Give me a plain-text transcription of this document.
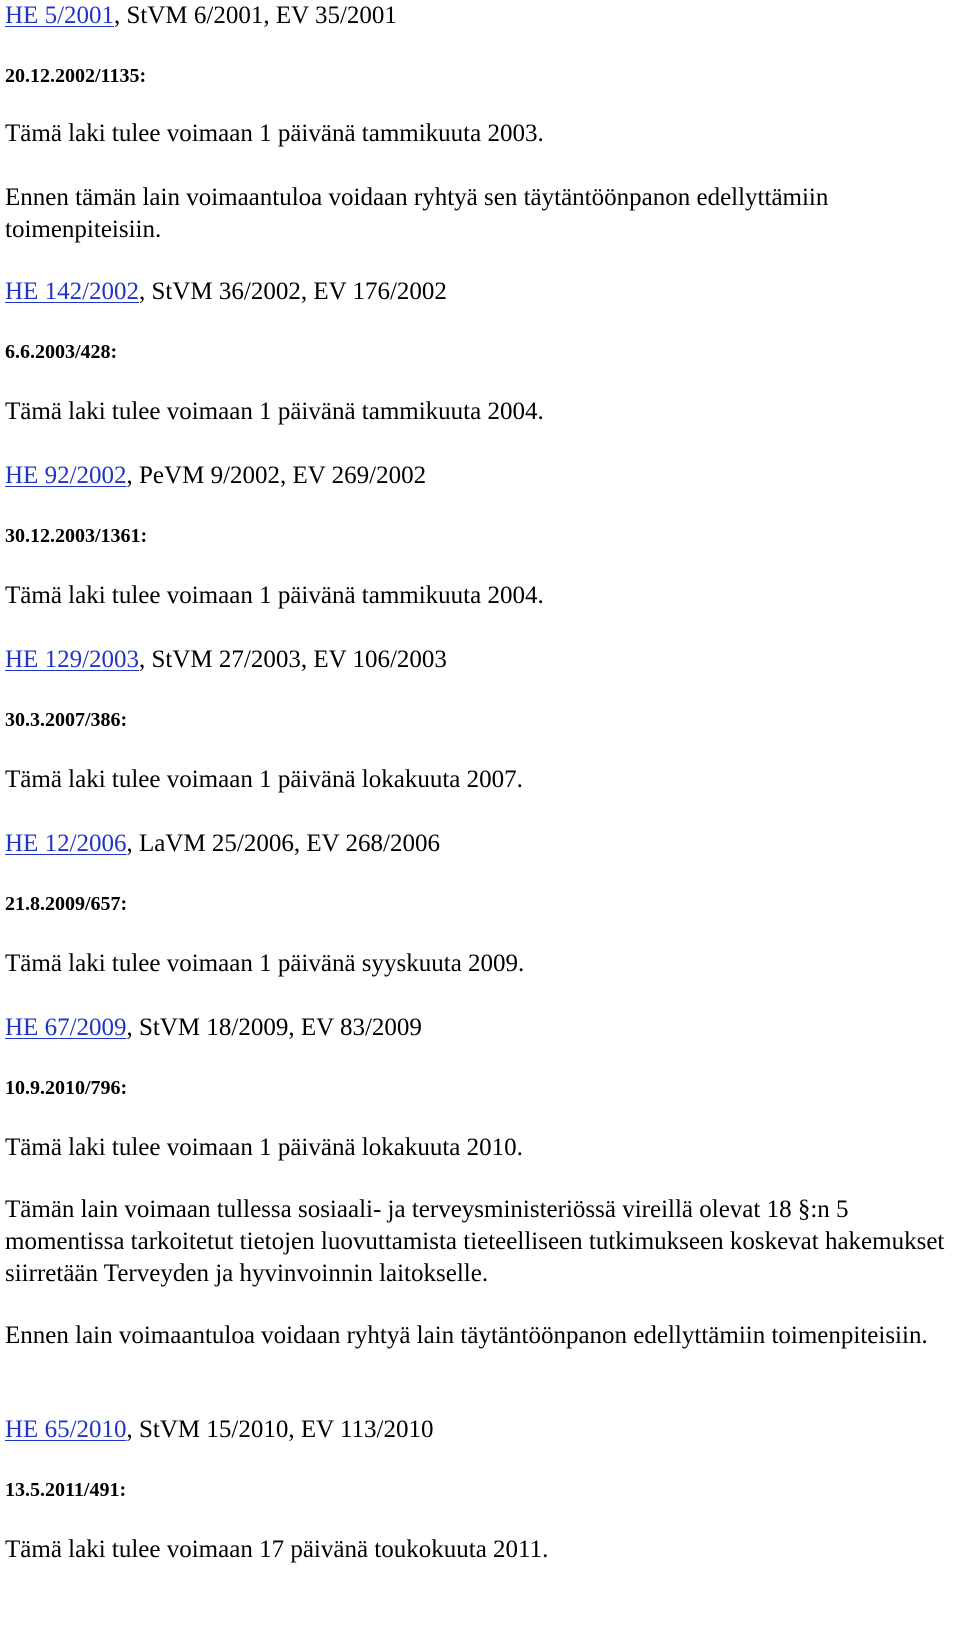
HE 5/2001, StVM 6/2001, EV 35/2001
20.12.2002/1135:
Tämä laki tulee voimaan 1 päivänä tammikuuta 2003.
Ennen tämän lain voimaantuloa voidaan ryhtyä sen täytäntöönpanon edellyttämiin toimenpiteisiin.
HE 142/2002, StVM 36/2002, EV 176/2002
6.6.2003/428:
Tämä laki tulee voimaan 1 päivänä tammikuuta 2004.
HE 92/2002, PeVM 9/2002, EV 269/2002
30.12.2003/1361:
Tämä laki tulee voimaan 1 päivänä tammikuuta 2004.
HE 129/2003, StVM 27/2003, EV 106/2003
30.3.2007/386:
Tämä laki tulee voimaan 1 päivänä lokakuuta 2007.
HE 12/2006, LaVM 25/2006, EV 268/2006
21.8.2009/657:
Tämä laki tulee voimaan 1 päivänä syyskuuta 2009.
HE 67/2009, StVM 18/2009, EV 83/2009
10.9.2010/796:
Tämä laki tulee voimaan 1 päivänä lokakuuta 2010.
Tämän lain voimaan tullessa sosiaali- ja terveysministeriössä vireillä olevat 18 §:n 5 momentissa tarkoitetut tietojen luovuttamista tieteelliseen tutkimukseen koskevat hakemukset siirretään Terveyden ja hyvinvoinnin laitokselle.
Ennen lain voimaantuloa voidaan ryhtyä lain täytäntöönpanon edellyttämiin toimenpiteisiin.
HE 65/2010, StVM 15/2010, EV 113/2010
13.5.2011/491:
Tämä laki tulee voimaan 17 päivänä toukokuuta 2011.
